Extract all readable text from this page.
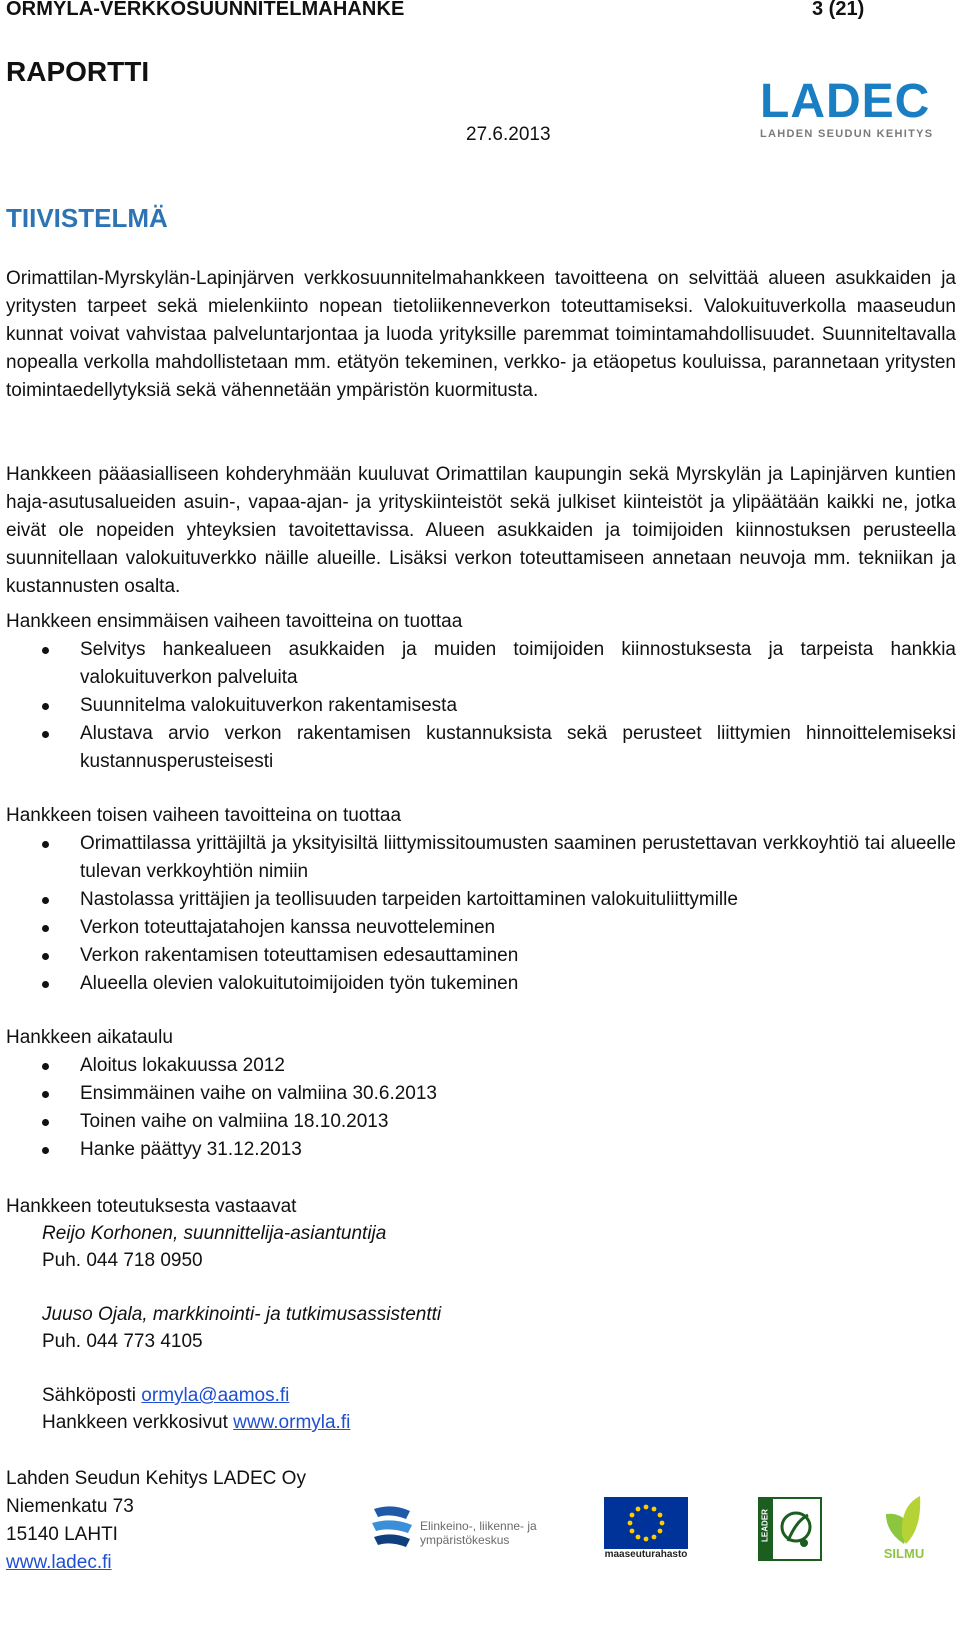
ORMYLA-VERKKOSUUNNITELMAHANKE	3 (21)
RAPORTTI
27.6.2013
LADEC
LAHDEN SEUDUN KEHITYS
TIIVISTELMÄ

Orimattilan-Myrskylän-Lapinjärven verkkosuunnitelmahankkeen tavoitteena on selvittää alueen asukkaiden ja yritysten tarpeet sekä mielenkiinto nopean tietoliikenneverkon toteuttamiseksi. Valokuituverkolla maaseudun kunnat voivat vahvistaa palveluntarjontaa ja luoda yrityksille paremmat toimintamahdollisuudet. Suunniteltavalla nopealla verkolla mahdollistetaan mm. etätyön tekeminen, verkko- ja etäopetus kouluissa, parannetaan yritysten toimintaedellytyksiä sekä vähennetään ympäristön kuormitusta.

Hankkeen pääasialliseen kohderyhmään kuuluvat Orimattilan kaupungin sekä Myrskylän ja Lapinjärven kuntien haja-asutusalueiden asuin-, vapaa-ajan- ja yrityskiinteistöt sekä julkiset kiinteistöt ja ylipäätään kaikki ne, jotka eivät ole nopeiden yhteyksien tavoitettavissa. Alueen asukkaiden ja toimijoiden kiinnostuksen perusteella suunnitellaan valokuituverkko näille alueille. Lisäksi verkon toteuttamiseen annetaan neuvoja mm. tekniikan ja kustannusten osalta.

Hankkeen ensimmäisen vaiheen tavoitteina on tuottaa

Selvitys hankealueen asukkaiden ja muiden toimijoiden kiinnostuksesta ja tarpeista hankkia valokuituverkon palveluita
Suunnitelma valokuituverkon rakentamisesta
Alustava arvio verkon rakentamisen kustannuksista sekä perusteet liittymien hinnoittelemiseksi kustannusperusteisesti

Hankkeen toisen vaiheen tavoitteina on tuottaa

Orimattilassa yrittäjiltä ja yksityisiltä liittymissitoumusten saaminen perustettavan verkkoyhtiö tai alueelle tulevan verkkoyhtiön nimiin
Nastolassa yrittäjien ja teollisuuden tarpeiden kartoittaminen valokuituliittymille
Verkon toteuttajatahojen kanssa neuvotteleminen
Verkon rakentamisen toteuttamisen edesauttaminen
Alueella olevien valokuitutoimijoiden työn tukeminen

Hankkeen aikataulu

Aloitus lokakuussa 2012
Ensimmäinen vaihe on valmiina 30.6.2013
Toinen vaihe on valmiina 18.10.2013
Hanke päättyy 31.12.2013

Hankkeen toteutuksesta vastaavat

Reijo Korhonen, suunnittelija-asiantuntija

Puh. 044 718 0950

Juuso Ojala, markkinointi- ja tutkimusassistentti

Puh. 044 773 4105

Sähköposti ormyla@aamos.fi

Hankkeen verkkosivut www.ormyla.fi

Lahden Seudun Kehitys LADEC Oy
Niemenkatu 73
15140 LAHTI
www.ladec.fi
Elinkeino-, liikenne- ja ympäristökeskus
maaseuturahasto
LEADER
SILMU
